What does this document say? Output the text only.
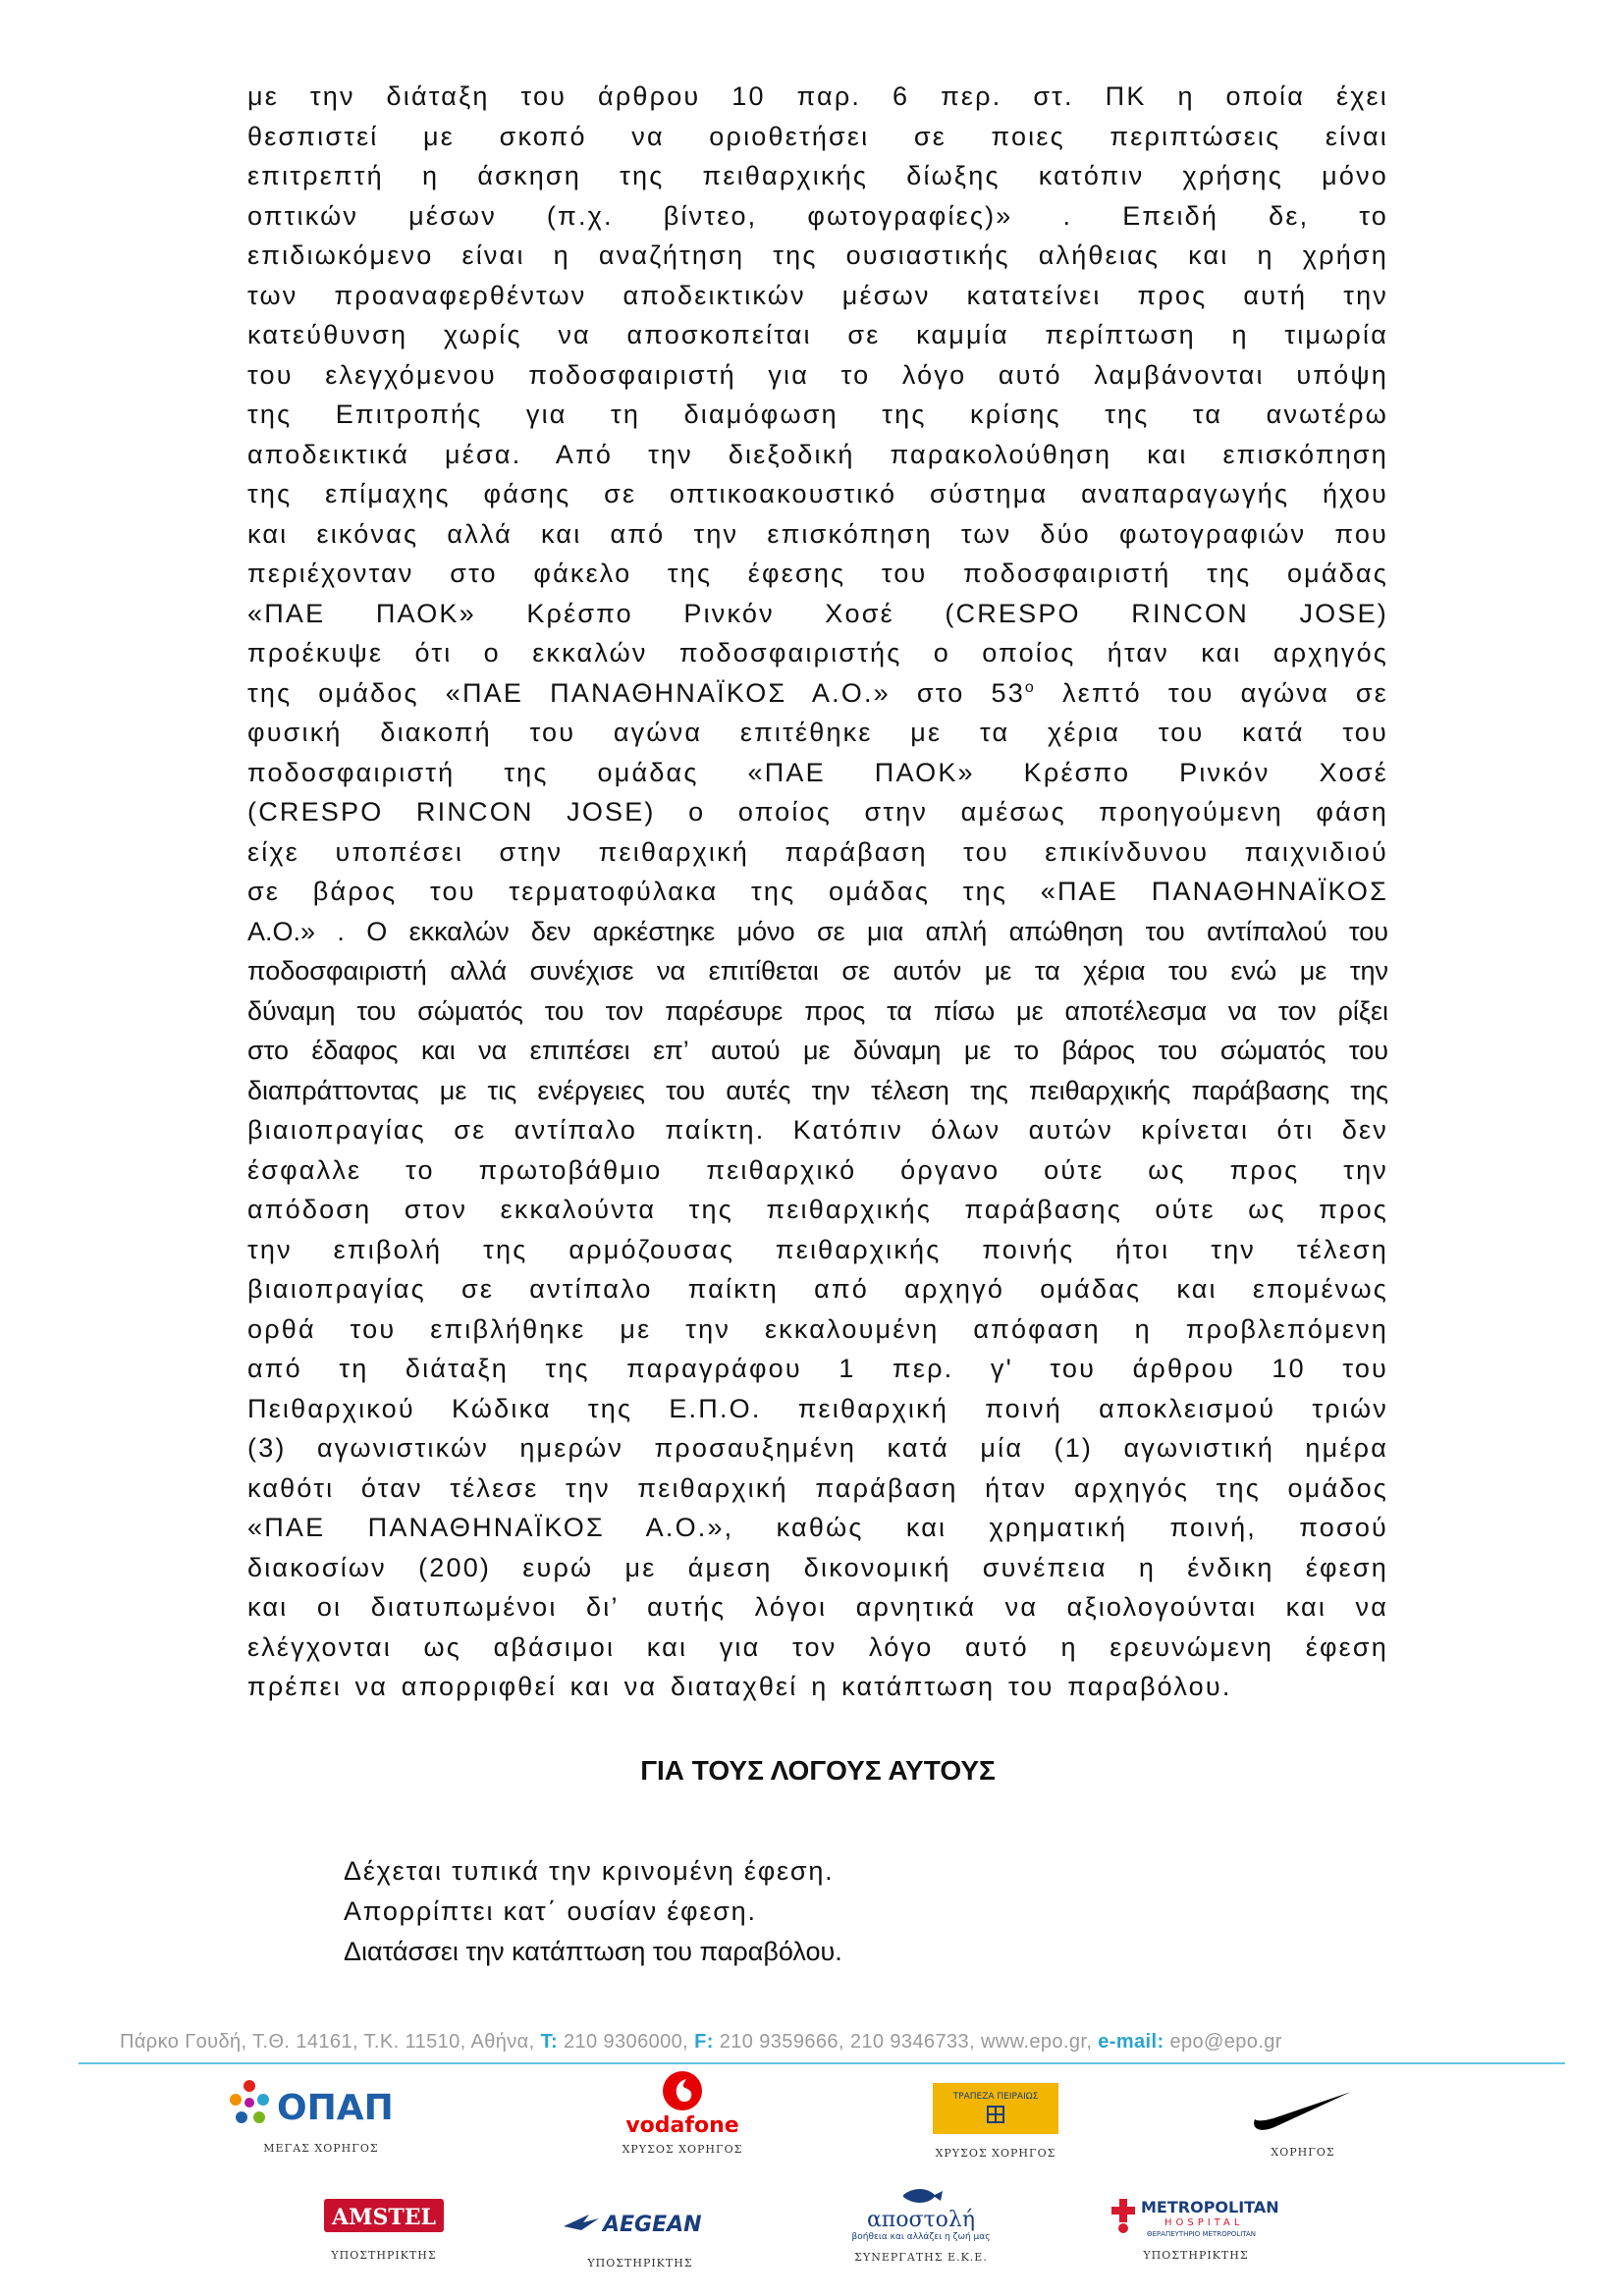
με την διάταξη του άρθρου 10 παρ. 6 περ. στ. ΠΚ η οποία έχει
θεσπιστεί με σκοπό να οριοθετήσει σε ποιες περιπτώσεις είναι
επιτρεπτή η άσκηση της πειθαρχικής δίωξης κατόπιν χρήσης μόνο
οπτικών μέσων (π.χ. βίντεο, φωτογραφίες)» . Επειδή δε, το
επιδιωκόμενο είναι η αναζήτηση της ουσιαστικής αλήθειας και η χρήση
των προαναφερθέντων αποδεικτικών μέσων κατατείνει προς αυτή την
κατεύθυνση χωρίς να αποσκοπείται σε καμμία περίπτωση η τιμωρία
του ελεγχόμενου ποδοσφαιριστή για το λόγο αυτό λαμβάνονται υπόψη
της Επιτροπής για τη διαμόφωση της κρίσης της τα ανωτέρω
αποδεικτικά μέσα. Από την διεξοδική παρακολούθηση και επισκόπηση
της επίμαχης φάσης σε οπτικοακουστικό σύστημα αναπαραγωγής ήχου
και εικόνας αλλά και από την επισκόπηση των δύο φωτογραφιών που
περιέχονταν στο φάκελο της έφεσης του ποδοσφαιριστή της ομάδας
«ΠΑΕ ΠΑΟΚ» Κρέσπο Ρινκόν Χοσέ (CRESPO RINCON JOSE)
προέκυψε ότι ο εκκαλών ποδοσφαιριστής ο οποίος ήταν και αρχηγός
της ομάδος «ΠΑΕ ΠΑΝΑΘΗΝΑΪΚΟΣ Α.Ο.» στο $53^o$ λεπτό του αγώνα σε
φυσική διακοπή του αγώνα επιτέθηκε με τα χέρια του κατά του
ποδοσφαιριστή της ομάδας «ΠΑΕ ΠΑΟΚ» Κρέσπο Ρινκόν Χοσέ
(CRESPO RINCON JOSE) ο οποίος στην αμέσως προηγούμενη φάση
είχε υποπέσει στην πειθαρχική παράβαση του επικίνδυνου παιχνιδιού
σε βάρος του τερματοφύλακα της ομάδας της «ΠΑΕ ΠΑΝΑΘΗΝΑΪΚΟΣ
Α.Ο.» . Ο εκκαλών δεν αρκέστηκε μόνο σε μια απλή απώθηση του αντίπαλού του
ποδοσφαιριστή αλλά συνέχισε να επιτίθεται σε αυτόν με τα χέρια του ενώ με την
δύναμη του σώματός του τον παρέσυρε προς τα πίσω με αποτέλεσμα να τον ρίξει
στο έδαφος και να επιπέσει επ’ αυτού με δύναμη με το βάρος του σώματός του
διαπράττοντας με τις ενέργειες του αυτές την τέλεση της πειθαρχικής παράβασης της
βιαιοπραγίας σε αντίπαλο παίκτη. Κατόπιν όλων αυτών κρίνεται ότι δεν
έσφαλλε το πρωτοβάθμιο πειθαρχικό όργανο ούτε ως προς την
απόδοση στον εκκαλούντα της πειθαρχικής παράβασης ούτε ως προς
την επιβολή της αρμόζουσας πειθαρχικής ποινής ήτοι την τέλεση
βιαιοπραγίας σε αντίπαλο παίκτη από αρχηγό ομάδας και επομένως
ορθά του επιβλήθηκε με την εκκαλουμένη απόφαση η προβλεπόμενη
από τη διάταξη της παραγράφου 1 περ. γ' του άρθρου 10 του
Πειθαρχικού Κώδικα της Ε.Π.Ο. πειθαρχική ποινή αποκλεισμού τριών
(3) αγωνιστικών ημερών προσαυξημένη κατά μία (1) αγωνιστική ημέρα
καθότι όταν τέλεσε την πειθαρχική παράβαση ήταν αρχηγός της ομάδος
«ΠΑΕ ΠΑΝΑΘΗΝΑΪΚΟΣ Α.Ο.», καθώς και χρηματική ποινή, ποσού
διακοσίων (200) ευρώ με άμεση δικονομική συνέπεια η ένδικη έφεση
και οι διατυπωμένοι δι’ αυτής λόγοι αρνητικά να αξιολογούνται και να
ελέγχονται ως αβάσιμοι και για τον λόγο αυτό η ερευνώμενη έφεση
πρέπει να απορριφθεί και να διαταχθεί η κατάπτωση του παραβόλου.
ΓΙΑ ΤΟΥΣ ΛΟΓΟΥΣ ΑΥΤΟΥΣ
Δέχεται τυπικά την κρινομένη έφεση.
Απορρίπτει κατ΄ ουσίαν έφεση.
Διατάσσει την κατάπτωση του παραβόλου.
Πάρκο Γουδή, Τ.Θ. 14161, Τ.Κ. 11510, Αθήνα, T: 210 9306000, F: 210 9359666, 210 9346733, www.epo.gr, e-mail: epo@epo.gr
ΟΠΑΠ
ΜΕΓΑΣ ΧΟΡΗΓΟΣ
vodafone
ΧΡΥΣΟΣ ΧΟΡΗΓΟΣ
ΤΡΑΠΕΖΑ ΠΕΙΡΑΙΩΣ
ΧΡΥΣΟΣ ΧΟΡΗΓΟΣ	ΧΟΡΗΓΟΣ
AMSTEL
ΥΠΟΣΤΗΡΙΚΤΗΣ
AEGEAN
ΥΠΟΣΤΗΡΙΚΤΗΣ
αποστολή
βοήθεια και αλλάζει η ζωή μας
ΣΥΝΕΡΓΑΤΗΣ Ε.Κ.Ε.
METROPOLITAN
HOSPITAL
ΘΕΡΑΠΕΥΤΗΡΙΟ METROPOLITAN
ΥΠΟΣΤΗΡΙΚΤΗΣ
